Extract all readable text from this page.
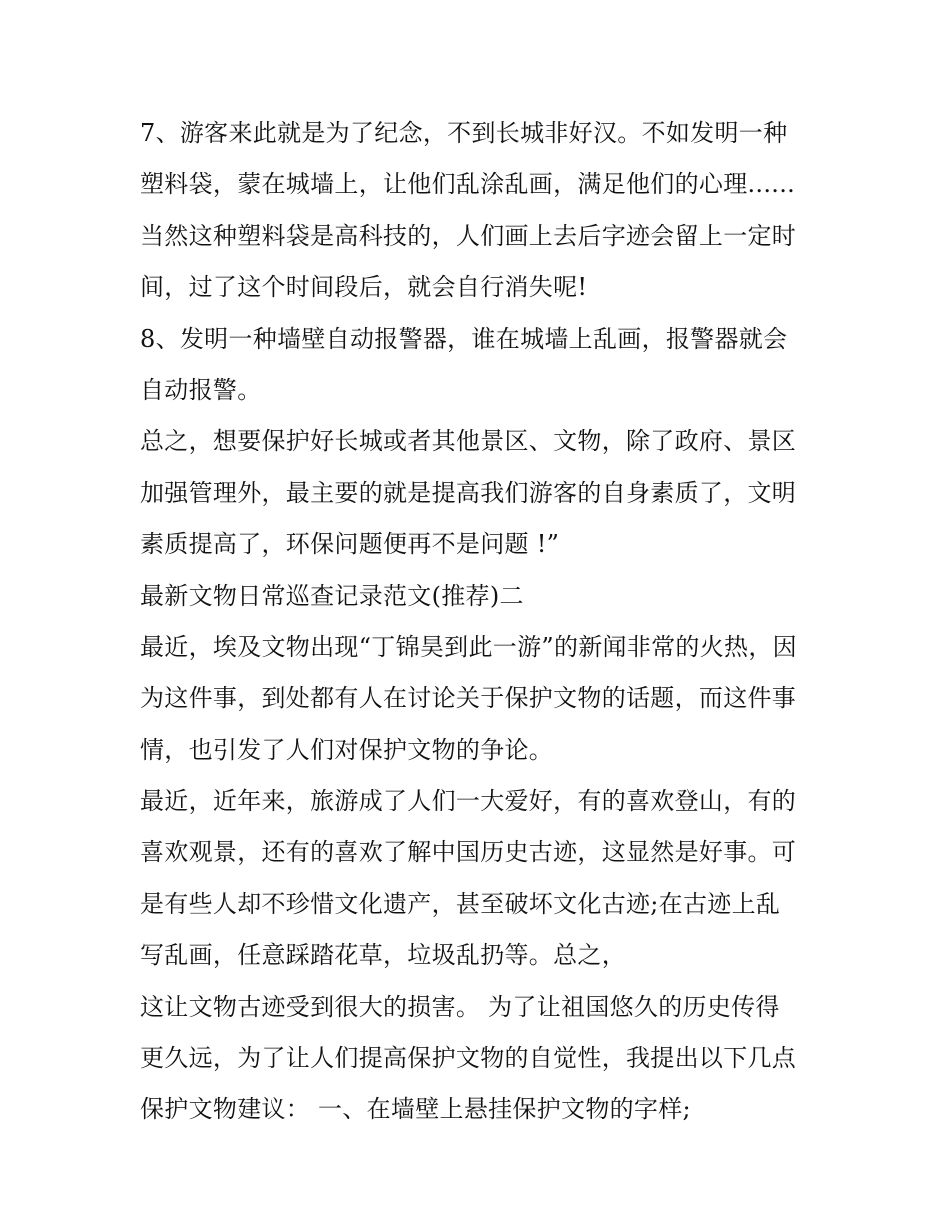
7、游客来此就是为了纪念，不到长城非好汉。不如发明一种
塑料袋，蒙在城墙上，让他们乱涂乱画，满足他们的心理......
当然这种塑料袋是高科技的，人们画上去后字迹会留上一定时
间，过了这个时间段后，就会自行消失呢!
8、发明一种墙壁自动报警器，谁在城墙上乱画，报警器就会
自动报警。
总之，想要保护好长城或者其他景区、文物，除了政府、景区
加强管理外，最主要的就是提高我们游客的自身素质了，文明
素质提高了，环保问题便再不是问题 !”
最新文物日常巡查记录范文(推荐)二
最近，埃及文物出现“丁锦昊到此一游”的新闻非常的火热，因
为这件事，到处都有人在讨论关于保护文物的话题，而这件事
情，也引发了人们对保护文物的争论。
最近，近年来，旅游成了人们一大爱好，有的喜欢登山，有的
喜欢观景，还有的喜欢了解中国历史古迹，这显然是好事。可
是有些人却不珍惜文化遗产，甚至破坏文化古迹;在古迹上乱
写乱画，任意踩踏花草，垃圾乱扔等。总之，
这让文物古迹受到很大的损害。 为了让祖国悠久的历史传得
更久远，为了让人们提高保护文物的自觉性，我提出以下几点
保护文物建议： 一、在墙壁上悬挂保护文物的字样;
